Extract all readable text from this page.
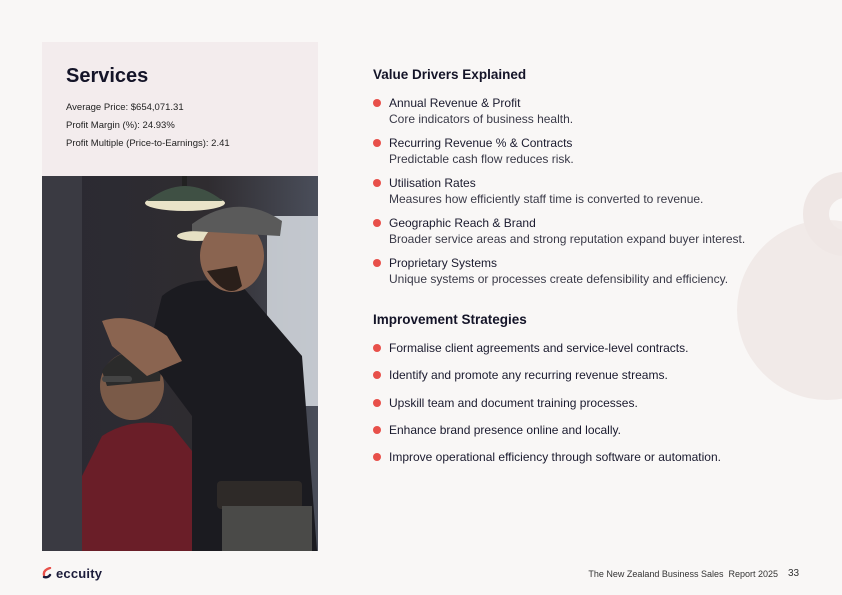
Services
Average Price: $654,071.31
Profit Margin (%): 24.93%
Profit Multiple (Price-to-Earnings): 2.41
Value Drivers Explained
Annual Revenue & Profit
Core indicators of business health.
Recurring Revenue % & Contracts
Predictable cash flow reduces risk.
Utilisation Rates
Measures how efficiently staff time is converted to revenue.
Geographic Reach & Brand
Broader service areas and strong reputation expand buyer interest.
Proprietary Systems
Unique systems or processes create defensibility and efficiency.
Improvement Strategies
Formalise client agreements and service-level contracts.
Identify and promote any recurring revenue streams.
Upskill team and document training processes.
Enhance brand presence online and locally.
Improve operational efficiency through software or automation.
eccuity	The New Zealand Business Sales  Report 2025 33
